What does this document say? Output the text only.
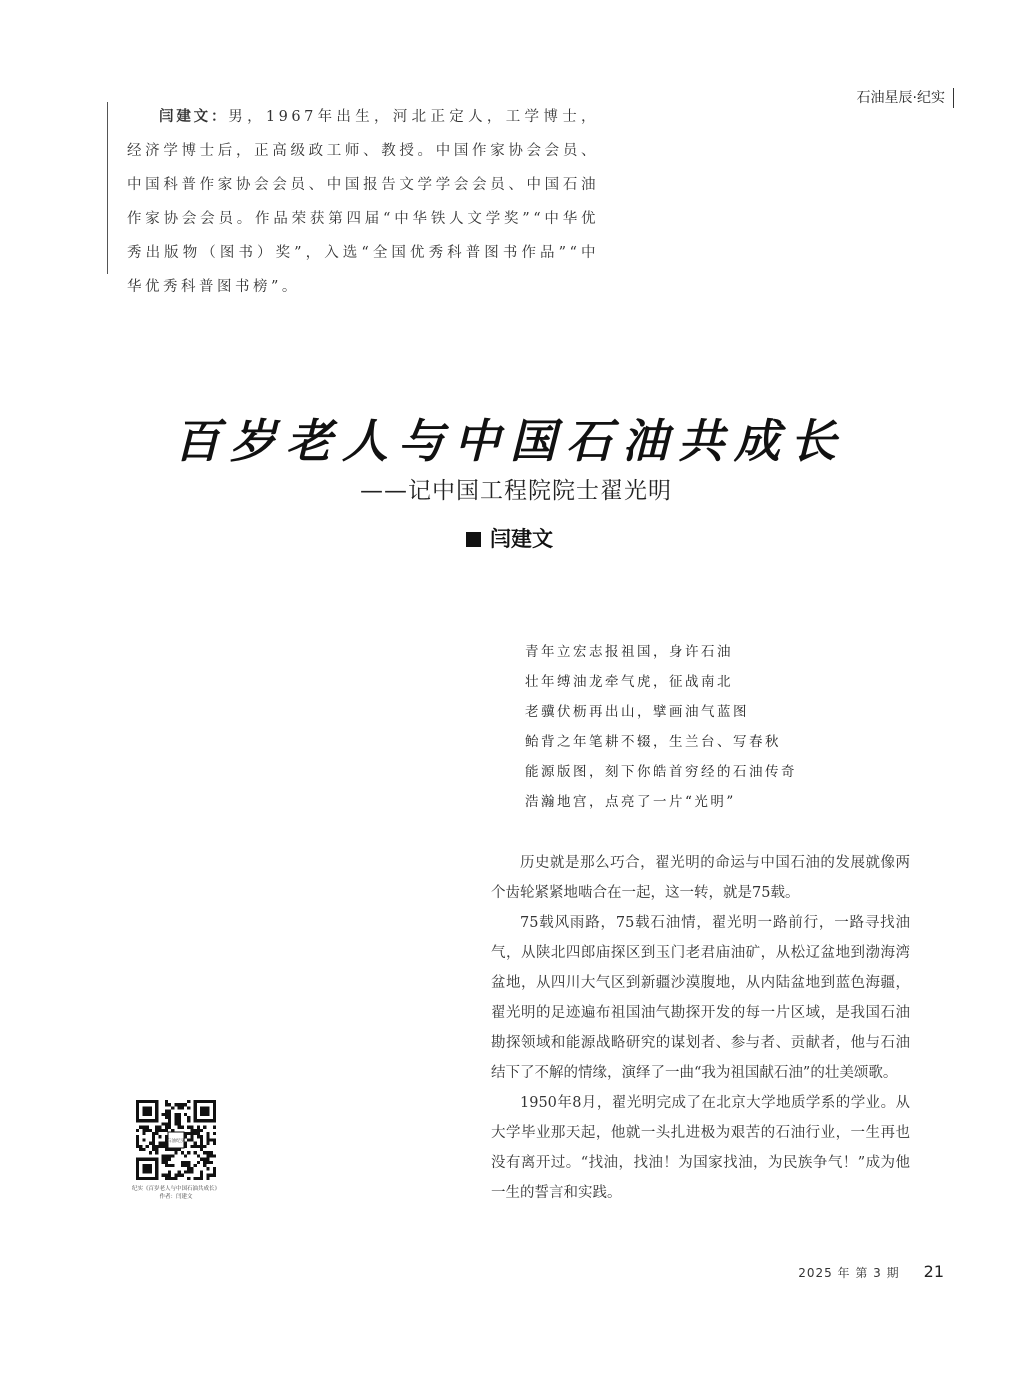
石油星辰·纪实
闫建文：男，1967年出生，河北正定人，工学博士，经济学博士后，正高级政工师、教授。中国作家协会会员、中国科普作家协会会员、中国报告文学学会会员、中国石油作家协会会员。作品荣获第四届“中华铁人文学奖”“中华优秀出版物（图书）奖”，入选“全国优秀科普图书作品”“中华优秀科普图书榜”。
百岁老人与中国石油共成长
——记中国工程院院士翟光明
闫建文
青年立宏志报祖国，身许石油
壮年缚油龙牵气虎，征战南北
老骥伏枥再出山，擘画油气蓝图
鲐背之年笔耕不辍，生兰台、写春秋
能源版图，刻下你皓首穷经的石油传奇
浩瀚地宫，点亮了一片“光明”

历史就是那么巧合，翟光明的命运与中国石油的发展就像两个齿轮紧紧地啮合在一起，这一转，就是75载。

75载风雨路，75载石油情，翟光明一路前行，一路寻找油气，从陕北四郎庙探区到玉门老君庙油矿，从松辽盆地到渤海湾盆地，从四川大气区到新疆沙漠腹地，从内陆盆地到蓝色海疆，翟光明的足迹遍布祖国油气勘探开发的每一片区域，是我国石油勘探领域和能源战略研究的谋划者、参与者、贡献者，他与石油结下了不解的情缘，演绎了一曲“我为祖国献石油”的壮美颂歌。

1950年8月，翟光明完成了在北京大学地质学系的学业。从大学毕业那天起，他就一头扎进极为艰苦的石油行业，一生再也没有离开过。“找油，找油！为国家找油，为民族争气！”成为他一生的誓言和实践。

石油纪实
纪实《百岁老人与中国石油共成长》
作者：闫建文
2025 年 第 3 期 21
